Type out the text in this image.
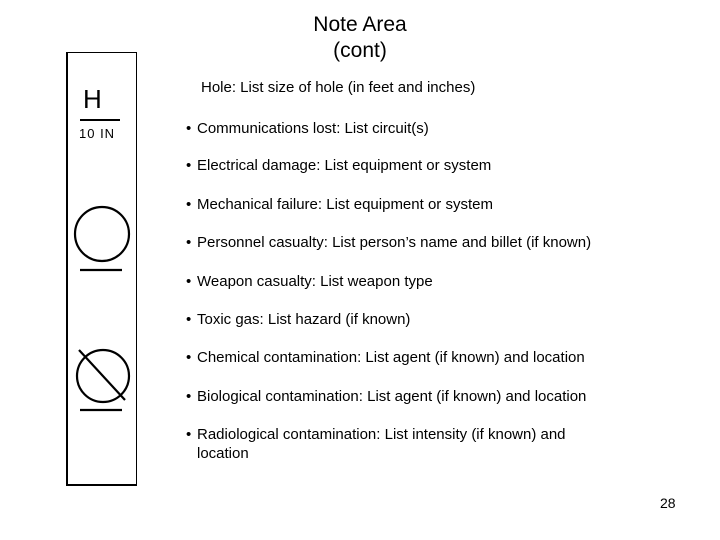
Note Area
(cont)
H
10 IN
Hole: List size of hole (in feet and inches)
• Communications lost: List circuit(s)
• Electrical damage: List equipment or system
• Mechanical failure: List equipment or system
• Personnel casualty: List person’s name and billet (if known)
• Weapon casualty: List weapon type
• Toxic gas: List hazard (if known)
• Chemical contamination: List agent (if known) and location
• Biological contamination: List agent (if known) and location
• Radiological contamination: List intensity (if known) and location
28
